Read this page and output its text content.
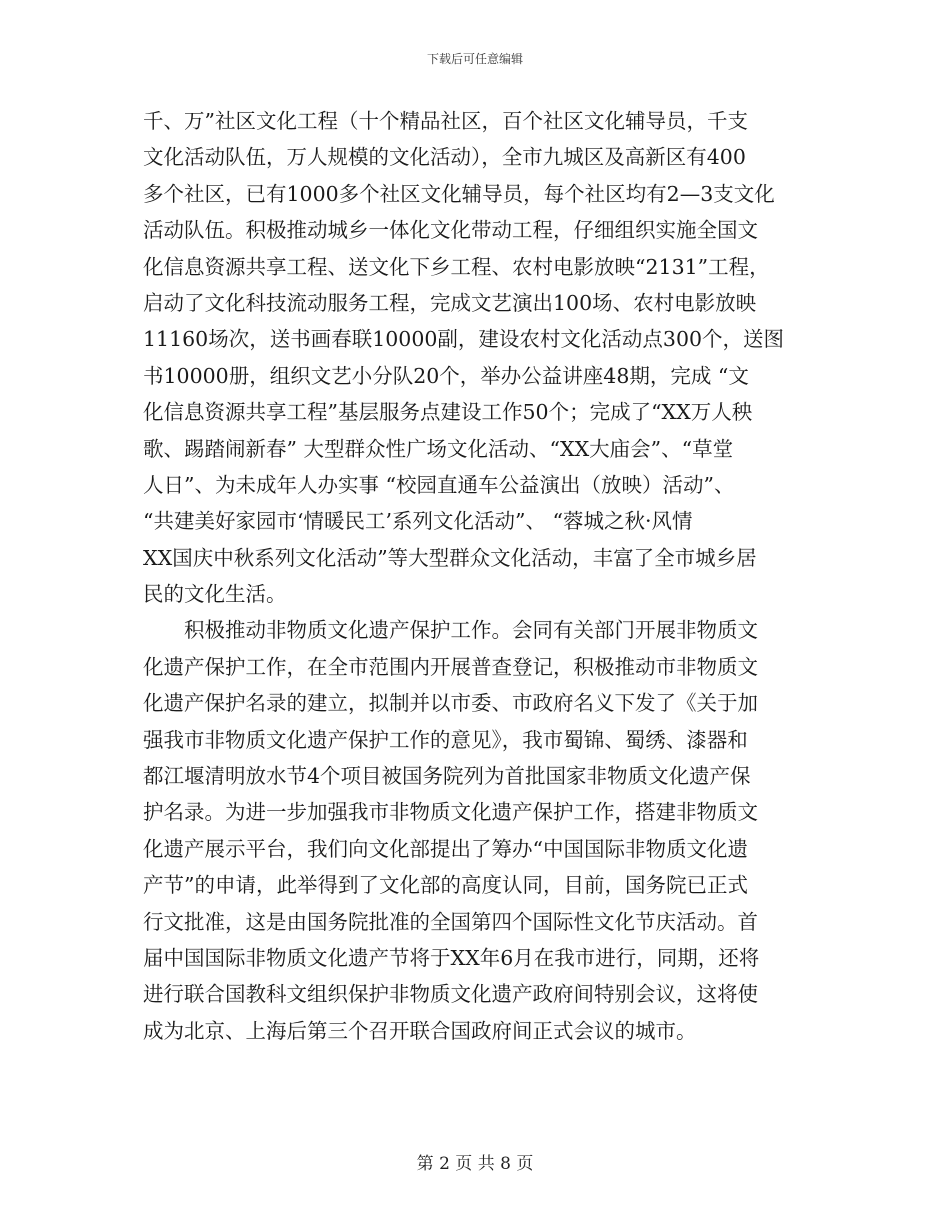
下载后可任意编辑
千、万”社区文化工程（十个精品社区，百个社区文化辅导员，千支
文化活动队伍，万人规模的文化活动），全市九城区及高新区有400
多个社区，已有1000多个社区文化辅导员，每个社区均有2—3支文化
活动队伍。积极推动城乡一体化文化带动工程，仔细组织实施全国文
化信息资源共享工程、送文化下乡工程、农村电影放映“2131”工程，
启动了文化科技流动服务工程，完成文艺演出100场、农村电影放映
11160场次，送书画春联10000副，建设农村文化活动点300个，送图
书10000册，组织文艺小分队20个，举办公益讲座48期，完成 “文
化信息资源共享工程”基层服务点建设工作50个；完成了“XX万人秧
歌、踢踏闹新春” 大型群众性广场文化活动、“XX大庙会”、“草堂
人日”、为未成年人办实事 “校园直通车公益演出（放映）活动”、
“共建美好家园市‘情暖民工’系列文化活动”、 “蓉城之秋·风情
XX国庆中秋系列文化活动”等大型群众文化活动，丰富了全市城乡居
民的文化生活。
　　积极推动非物质文化遗产保护工作。会同有关部门开展非物质文
化遗产保护工作，在全市范围内开展普查登记，积极推动市非物质文
化遗产保护名录的建立，拟制并以市委、市政府名义下发了《关于加
强我市非物质文化遗产保护工作的意见》，我市蜀锦、蜀绣、漆器和
都江堰清明放水节4个项目被国务院列为首批国家非物质文化遗产保
护名录。为进一步加强我市非物质文化遗产保护工作，搭建非物质文
化遗产展示平台，我们向文化部提出了筹办“中国国际非物质文化遗
产节”的申请，此举得到了文化部的高度认同，目前，国务院已正式
行文批准，这是由国务院批准的全国第四个国际性文化节庆活动。首
届中国国际非物质文化遗产节将于XX年6月在我市进行，同期，还将
进行联合国教科文组织保护非物质文化遗产政府间特别会议，这将使
成为北京、上海后第三个召开联合国政府间正式会议的城市。
第 2 页 共 8 页
